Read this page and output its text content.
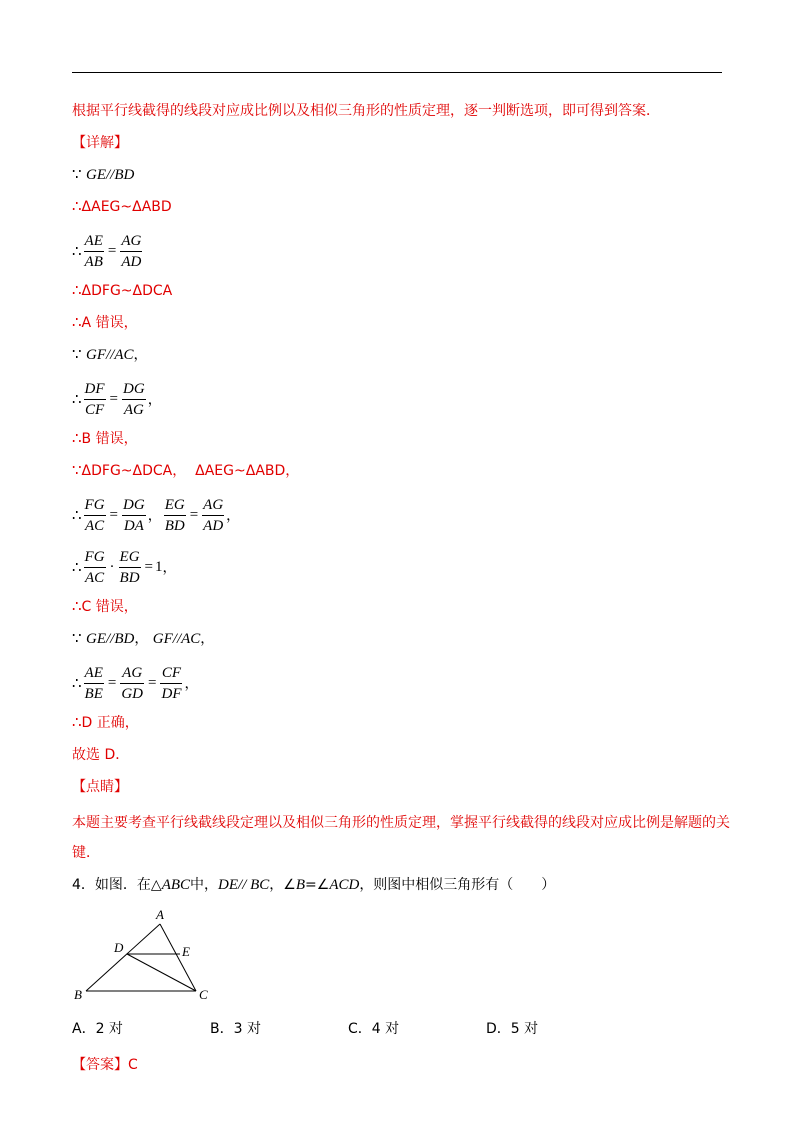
根据平行线截得的线段对应成比例以及相似三角形的性质定理，逐一判断选项，即可得到答案．
【详解】
∵ GE//BD
∴ΔAEG~ΔABD
∴ $\frac{AE}{AB} = \frac{AG}{AD}$
∴ΔDFG~ΔDCA
∴A 错误，
∵ GF//AC，
∴ $\frac{DF}{CF} = \frac{DG}{AG}$ ，
∴B 错误，
∵ΔDFG~ΔDCA， ΔAEG~ΔABD，
∴ $\frac{FG}{AC} = \frac{DG}{DA}$ ， $\frac{EG}{BD} = \frac{AG}{AD}$ ，
∴ $\frac{FG}{AC} \cdot \frac{EG}{BD} = 1$ ，
∴C 错误，
∵ GE//BD， GF//AC，
∴ $\frac{AE}{BE} = \frac{AG}{GD} = \frac{CF}{DF}$ ，
∴D 正确，
故选 D．
【点睛】
本题主要考查平行线截线段定理以及相似三角形的性质定理，掌握平行线截得的线段对应成比例是解题的关键．
4．如图．在△ABC中，DE// BC，∠B=∠ACD，则图中相似三角形有（　　）
A
B	C
D	E
A．2 对	B．3 对	C．4 对	D．5 对
【答案】C
